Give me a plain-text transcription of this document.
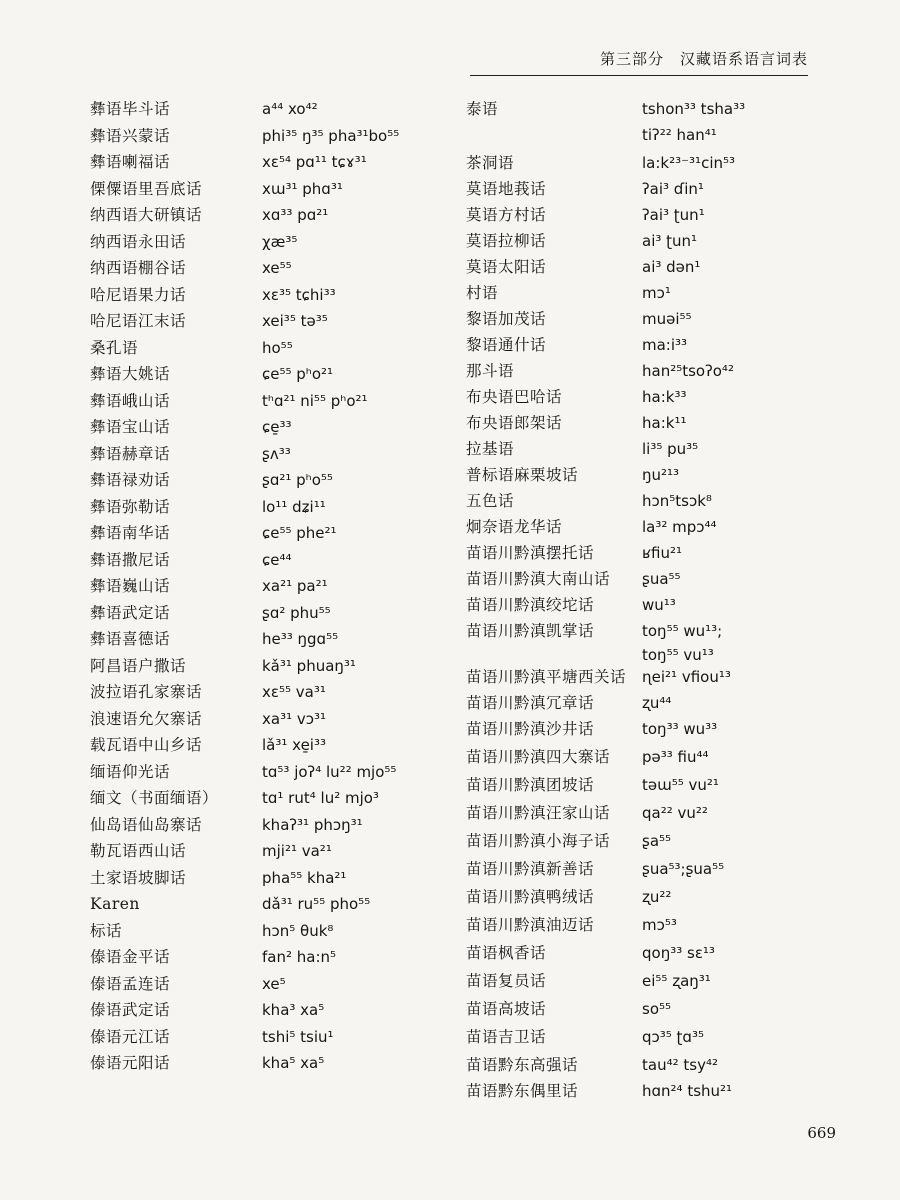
第三部分　汉藏语系语言词表
彝语毕斗话	a⁴⁴ xo⁴²
彝语兴蒙话	phi³⁵ ŋ³⁵ pha³¹bo⁵⁵
彝语喇福话	xɛ⁵⁴ pɑ¹¹ tɕɤ³¹
傈僳语里吾底话	xɯ³¹ phɑ³¹
纳西语大研镇话	xɑ³³ pɑ²¹
纳西语永田话	χæ³⁵
纳西语棚谷话	xe⁵⁵
哈尼语果力话	xɛ³⁵ tɕhi³³
哈尼语江末话	xei³⁵ tə³⁵
桑孔语	ho⁵⁵
彝语大姚话	ɕe⁵⁵ pʰo²¹
彝语峨山话	tʰɑ²¹ ni⁵⁵ pʰo²¹
彝语宝山话	ɕe̱³³
彝语赫章话	ʂʌ³³
彝语禄劝话	ʂɑ²¹ pʰo⁵⁵
彝语弥勒话	lo¹¹ dʑi¹¹
彝语南华话	ɕe⁵⁵ phe²¹
彝语撒尼话	ɕe⁴⁴
彝语巍山话	xa²¹ pa²¹
彝语武定话	ʂɑ² phu⁵⁵
彝语喜德话	he³³ ŋgɑ⁵⁵
阿昌语户撒话	kǎ³¹ phuaŋ³¹
波拉语孔家寨话	xɛ⁵⁵ va³¹
浪速语允欠寨话	xa³¹ vɔ³¹
载瓦语中山乡话	lǎ³¹ xe̱i³³
缅语仰光话	tɑ⁵³ joʔ⁴ lu²² mjo⁵⁵
缅文（书面缅语）	tɑ¹ rut⁴ lu² mjo³
仙岛语仙岛寨话	khaʔ³¹ phɔŋ³¹
勒瓦语西山话	mji²¹ va²¹
土家语坡脚话	pha⁵⁵ kha²¹
Karen	dǎ³¹ ru⁵⁵ pho⁵⁵
标话	hɔn⁵ θuk⁸
傣语金平话	fan² ha:n⁵
傣语孟连话	xe⁵
傣语武定话	kha³ xa⁵
傣语元江话	tshi⁵ tsiu¹
傣语元阳话	kha⁵ xa⁵
泰语	tshon³³ tsha³³
tiʔ²² han⁴¹
茶洞语	la:k²³⁻³¹cin⁵³
莫语地莪话	ʔai³ ɗin¹
莫语方村话	ʔai³ ʈun¹
莫语拉柳话	ai³ ʈun¹
莫语太阳话	ai³ dən¹
村语	mɔ¹
黎语加茂话	muəi⁵⁵
黎语通什话	ma:i³³
那斗语	han²⁵tsoʔo⁴²
布央语巴哈话	ha:k³³
布央语郎架话	ha:k¹¹
拉基语	li³⁵ pu³⁵
普标语麻栗坡话	ŋu²¹³
五色话	hɔn⁵tsɔk⁸
炯奈语龙华话	la³² mpɔ⁴⁴
苗语川黔滇摆托话	ʁfiu²¹
苗语川黔滇大南山话 ʂua⁵⁵
苗语川黔滇绞坨话	wu¹³
苗语川黔滇凯掌话	toŋ⁵⁵ wu¹³;
toŋ⁵⁵ vu¹³
苗语川黔滇平塘西关话 ɳei²¹ vfiou¹³
苗语川黔滇冗章话	ʐu⁴⁴
苗语川黔滇沙井话	toŋ³³ wu³³
苗语川黔滇四大寨话 pə³³ fiu⁴⁴
苗语川黔滇团坡话	təɯ⁵⁵ vu²¹
苗语川黔滇汪家山话 qa²² vu²²
苗语川黔滇小海子话 ʂa⁵⁵
苗语川黔滇新善话	ʂua⁵³;ʂua⁵⁵
苗语川黔滇鸭绒话	ʐu²²
苗语川黔滇油迈话	mɔ⁵³
苗语枫香话	qoŋ³³ sɛ¹³
苗语复员话	ei⁵⁵ ʐaŋ³¹
苗语高坡话	so⁵⁵
苗语吉卫话	qɔ³⁵ ʈɑ³⁵
苗语黔东高强话	tau⁴² tsy⁴²
苗语黔东偶里话	hɑn²⁴ tshu²¹
669
